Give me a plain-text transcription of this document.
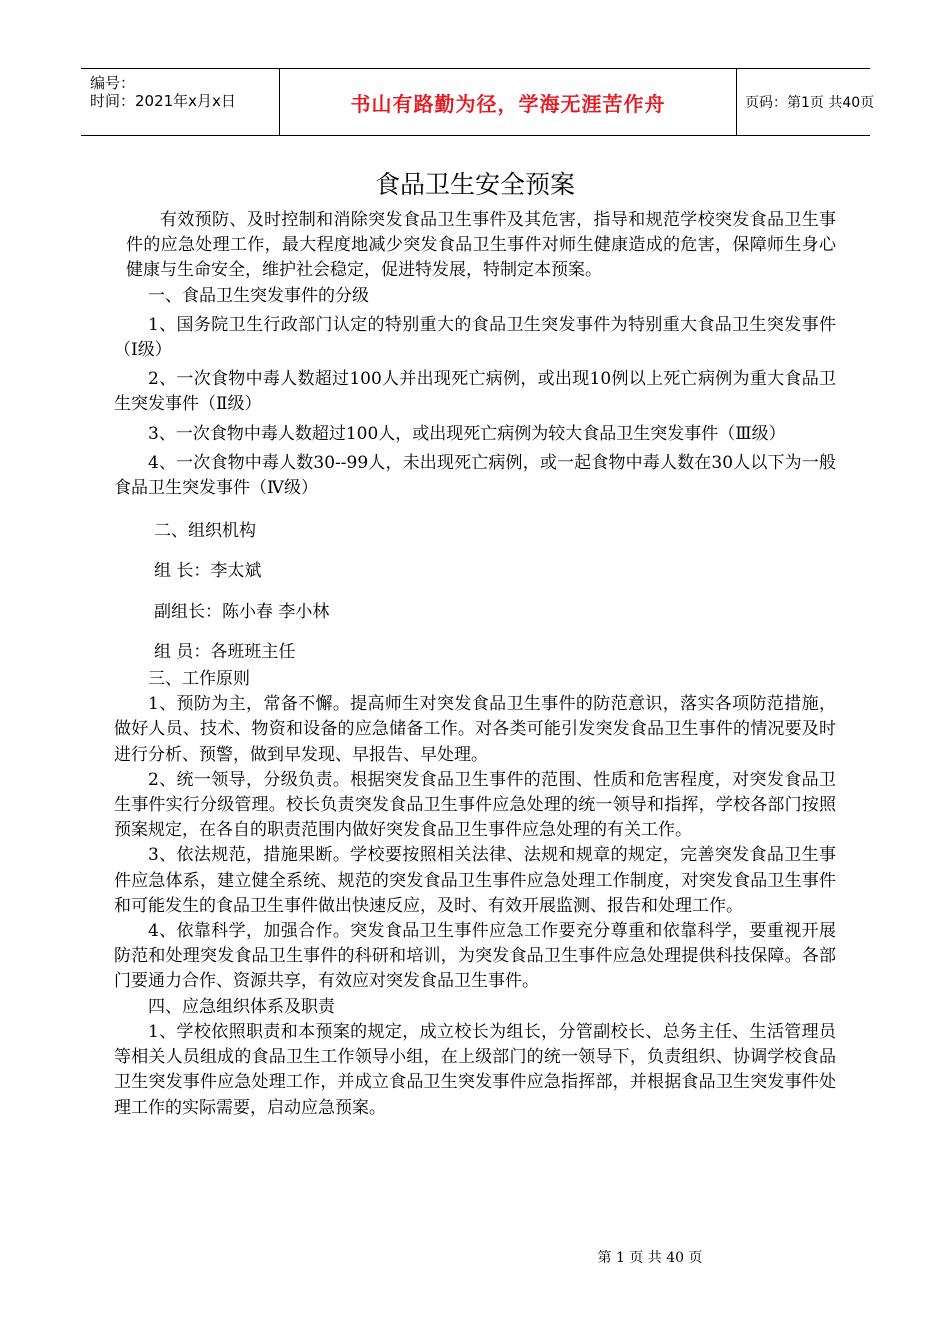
编号：
时间：2021年x月x日	书山有路勤为径，学海无涯苦作舟	页码：第1页 共40页
食品卫生安全预案

有效预防、及时控制和消除突发食品卫生事件及其危害，指导和规范学校突发食品卫生事件的应急处理工作，最大程度地减少突发食品卫生事件对师生健康造成的危害，保障师生身心健康与生命安全，维护社会稳定，促进特发展，特制定本预案。

一、食品卫生突发事件的分级

1、国务院卫生行政部门认定的特别重大的食品卫生突发事件为特别重大食品卫生突发事件（Ⅰ级）

2、一次食物中毒人数超过100人并出现死亡病例，或出现10例以上死亡病例为重大食品卫生突发事件（Ⅱ级）

3、一次食物中毒人数超过100人，或出现死亡病例为较大食品卫生突发事件（Ⅲ级）

4、一次食物中毒人数30--99人，未出现死亡病例，或一起食物中毒人数在30人以下为一般食品卫生突发事件（Ⅳ级）

二、组织机构

组 长：李太斌

副组长：陈小春 李小林

组 员：各班班主任

三、工作原则

1、预防为主，常备不懈。提高师生对突发食品卫生事件的防范意识，落实各项防范措施，做好人员、技术、物资和设备的应急储备工作。对各类可能引发突发食品卫生事件的情况要及时进行分析、预警，做到早发现、早报告、早处理。

2、统一领导，分级负责。根据突发食品卫生事件的范围、性质和危害程度，对突发食品卫生事件实行分级管理。校长负责突发食品卫生事件应急处理的统一领导和指挥，学校各部门按照预案规定，在各自的职责范围内做好突发食品卫生事件应急处理的有关工作。

3、依法规范，措施果断。学校要按照相关法律、法规和规章的规定，完善突发食品卫生事件应急体系，建立健全系统、规范的突发食品卫生事件应急处理工作制度，对突发食品卫生事件和可能发生的食品卫生事件做出快速反应，及时、有效开展监测、报告和处理工作。

4、依靠科学，加强合作。突发食品卫生事件应急工作要充分尊重和依靠科学，要重视开展防范和处理突发食品卫生事件的科研和培训，为突发食品卫生事件应急处理提供科技保障。各部门要通力合作、资源共享，有效应对突发食品卫生事件。

四、应急组织体系及职责

1、学校依照职责和本预案的规定，成立校长为组长，分管副校长、总务主任、生活管理员等相关人员组成的食品卫生工作领导小组，在上级部门的统一领导下，负责组织、协调学校食品卫生突发事件应急处理工作，并成立食品卫生突发事件应急指挥部，并根据食品卫生突发事件处理工作的实际需要，启动应急预案。

第 1 页 共 40 页
